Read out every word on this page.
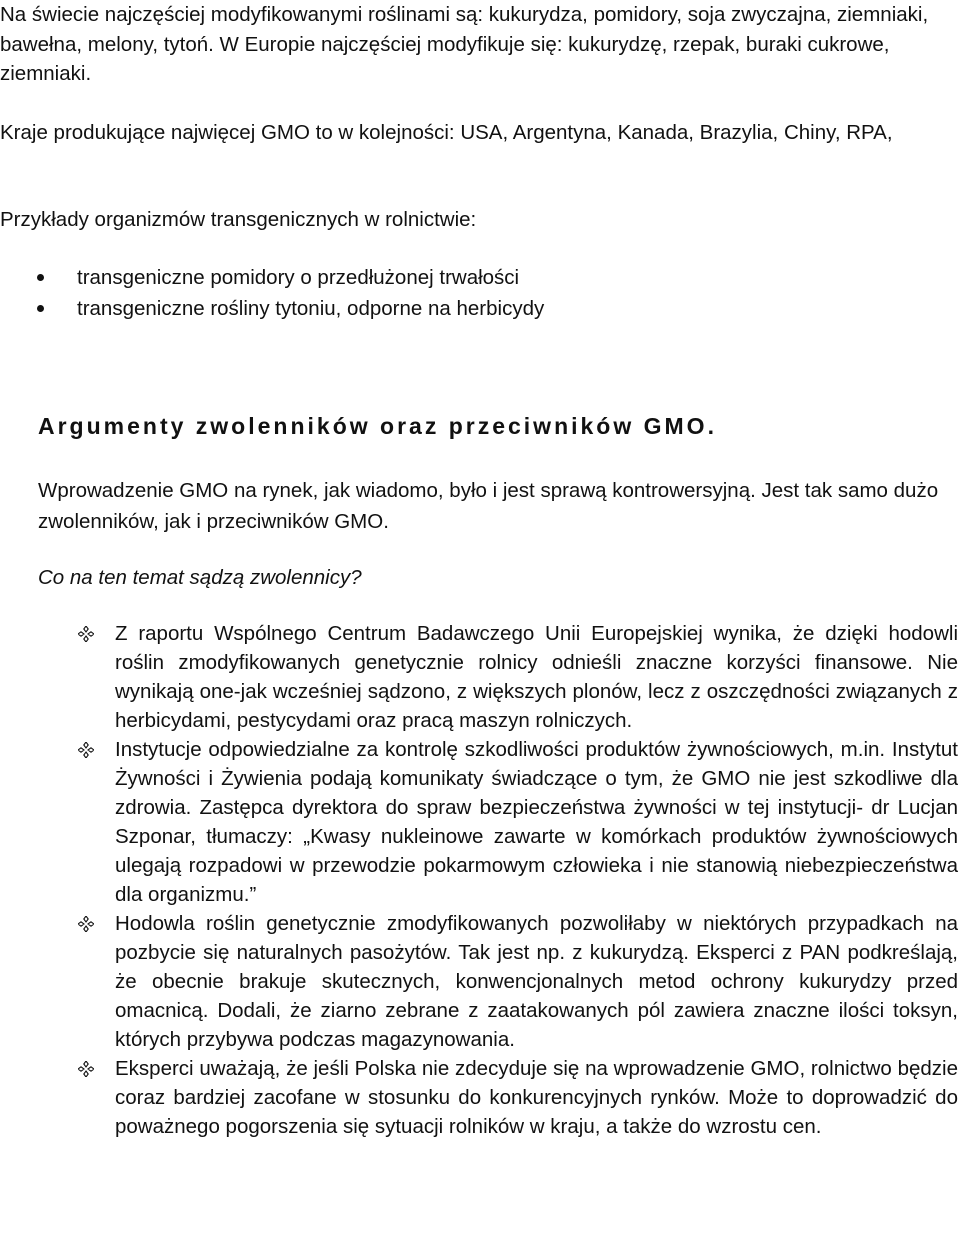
Na świecie najczęściej modyfikowanymi roślinami są: kukurydza, pomidory, soja zwyczajna, ziemniaki, bawełna, melony, tytoń. W Europie najczęściej modyfikuje się: kukurydzę, rzepak, buraki cukrowe, ziemniaki.

Kraje produkujące najwięcej GMO to w kolejności: USA, Argentyna, Kanada, Brazylia, Chiny, RPA,

Przykłady organizmów transgenicznych w rolnictwie:

transgeniczne pomidory o przedłużonej trwałości
transgeniczne rośliny tytoniu, odporne na herbicydy
Argumenty zwolenników oraz przeciwników GMO.

Wprowadzenie GMO na rynek, jak wiadomo, było i jest sprawą kontrowersyjną. Jest tak samo dużo zwolenników, jak i przeciwników GMO.

Co na ten temat sądzą zwolennicy?

Z raportu Wspólnego Centrum Badawczego Unii Europejskiej wynika, że dzięki hodowli roślin zmodyfikowanych genetycznie rolnicy odnieśli znaczne korzyści finansowe. Nie wynikają one-jak wcześniej sądzono, z większych plonów, lecz z oszczędności związanych z herbicydami, pestycydami oraz pracą maszyn rolniczych.
Instytucje odpowiedzialne za kontrolę szkodliwości produktów żywnościowych, m.in. Instytut Żywności i Żywienia podają komunikaty świadczące o tym, że GMO nie jest szkodliwe dla zdrowia. Zastępca dyrektora do spraw bezpieczeństwa żywności w tej instytucji- dr Lucjan Szponar, tłumaczy: „Kwasy nukleinowe zawarte w komórkach produktów żywnościowych ulegają rozpadowi w przewodzie pokarmowym człowieka i nie stanowią niebezpieczeństwa dla organizmu.”
Hodowla roślin genetycznie zmodyfikowanych pozwoliłaby w niektórych przypadkach na pozbycie się naturalnych pasożytów. Tak jest np. z kukurydzą. Eksperci z PAN podkreślają, że obecnie brakuje skutecznych, konwencjonalnych metod ochrony kukurydzy przed omacnicą. Dodali, że ziarno zebrane z zaatakowanych pól zawiera znaczne ilości toksyn, których przybywa podczas magazynowania.
Eksperci uważają, że jeśli Polska nie zdecyduje się na wprowadzenie GMO, rolnictwo będzie coraz bardziej zacofane w stosunku do konkurencyjnych rynków. Może to doprowadzić do poważnego pogorszenia się sytuacji rolników w kraju, a także do wzrostu cen.
